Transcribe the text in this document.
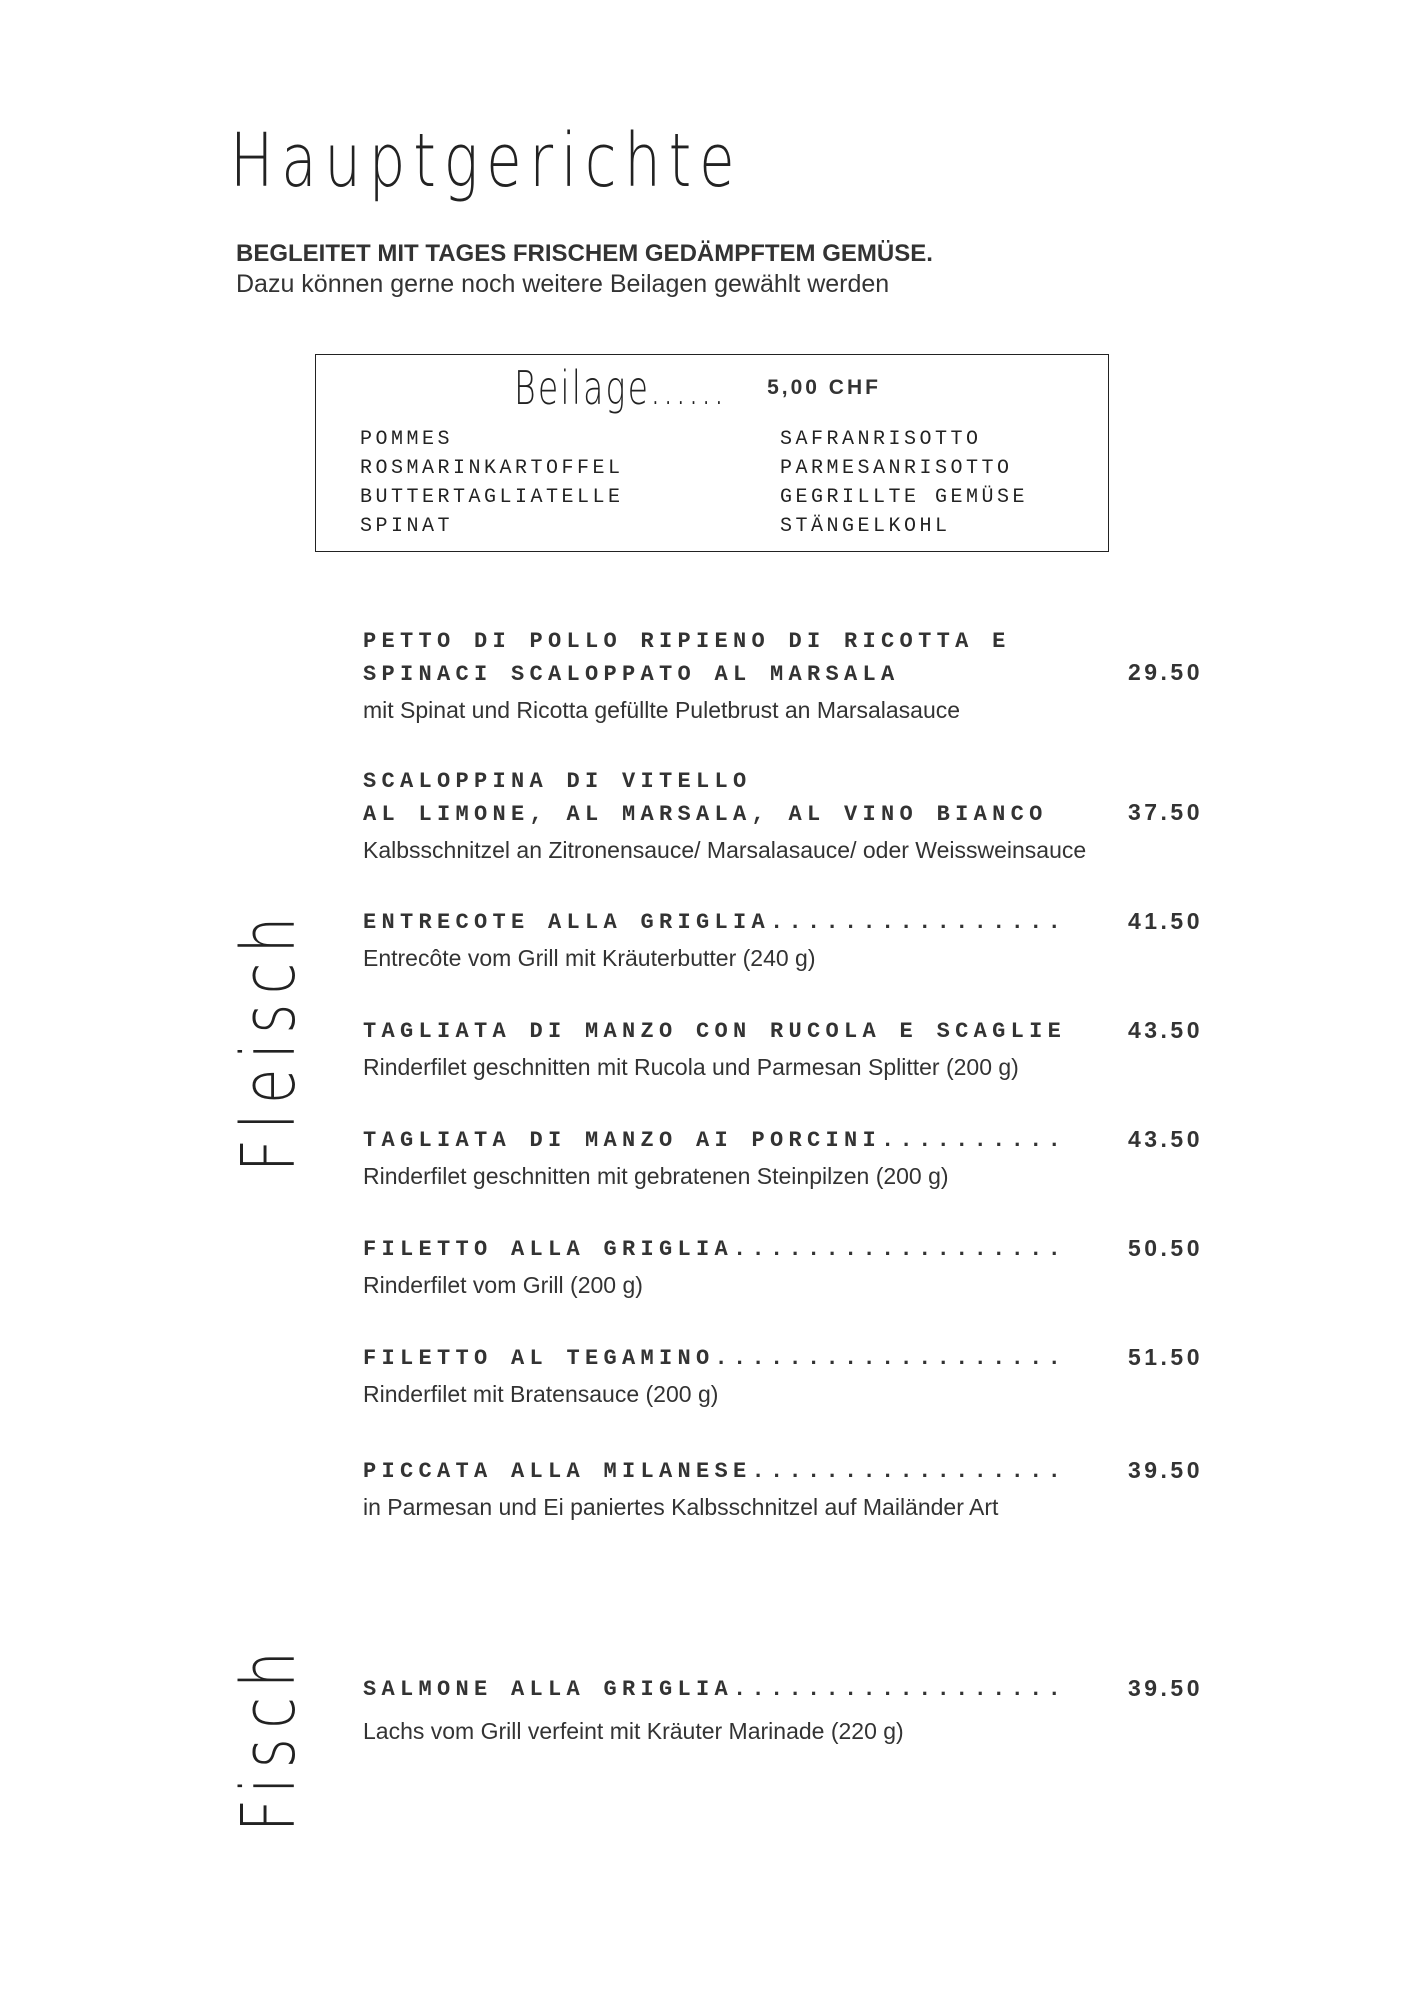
Hauptgerichte
BEGLEITET MIT TAGES FRISCHEM GEDÄMPFTEM GEMÜSE.
Dazu können gerne noch weitere Beilagen gewählt werden
Beilage...... 5,00 CHF
POMMES
ROSMARINKARTOFFEL
BUTTERTAGLIATELLE
SPINAT
SAFRANRISOTTO
PARMESANRISOTTO
GEGRILLTE GEMÜSE
STÄNGELKOHL
Fleisch
Fisch
PETTO DI POLLO RIPIENO DI RICOTTA E
SPINACI SCALOPPATO AL MARSALA	29.50
mit Spinat und Ricotta gefüllte Puletbrust an Marsalasauce
SCALOPPINA DI VITELLO
AL LIMONE, AL MARSALA, AL VINO BIANCO	37.50
Kalbsschnitzel an Zitronensauce/ Marsalasauce/ oder Weissweinsauce
ENTRECOTE ALLA GRIGLIA................	41.50
Entrecôte vom Grill mit Kräuterbutter (240 g)
TAGLIATA DI MANZO CON RUCOLA E SCAGLIE	43.50
Rinderfilet geschnitten mit Rucola und Parmesan Splitter (200 g)
TAGLIATA DI MANZO AI PORCINI..........	43.50
Rinderfilet geschnitten mit gebratenen Steinpilzen (200 g)
FILETTO ALLA GRIGLIA..................	50.50
Rinderfilet vom Grill (200 g)
FILETTO AL TEGAMINO...................	51.50
Rinderfilet mit Bratensauce (200 g)
PICCATA ALLA MILANESE.................	39.50
in Parmesan und Ei paniertes Kalbsschnitzel auf Mailänder Art
SALMONE ALLA GRIGLIA..................	39.50
Lachs vom Grill verfeint mit Kräuter Marinade (220 g)
